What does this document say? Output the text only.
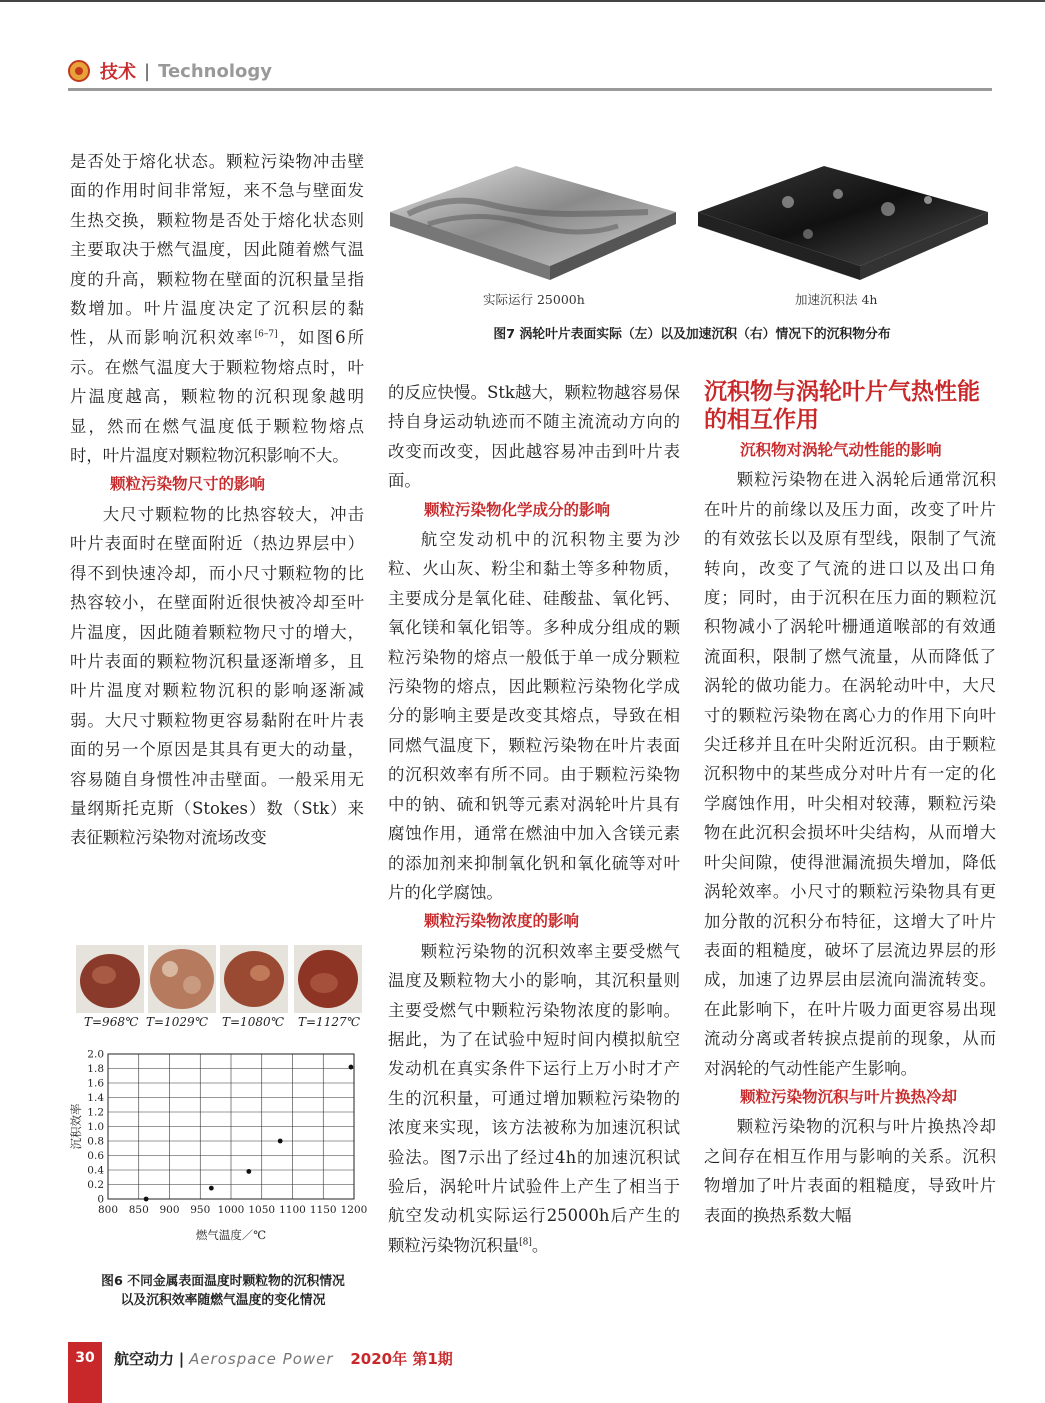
技术 | Technology

是否处于熔化状态。颗粒污染物冲击壁面的作用时间非常短，来不急与壁面发生热交换，颗粒物是否处于熔化状态则主要取决于燃气温度，因此随着燃气温度的升高，颗粒物在壁面的沉积量呈指数增加。叶片温度决定了沉积层的黏性，从而影响沉积效率[6–7]，如图6所示。在燃气温度大于颗粒物熔点时，叶片温度越高，颗粒物的沉积现象越明显，然而在燃气温度低于颗粒物熔点时，叶片温度对颗粒物沉积影响不大。

颗粒污染物尺寸的影响

大尺寸颗粒物的比热容较大，冲击叶片表面时在壁面附近（热边界层中）得不到快速冷却，而小尺寸颗粒物的比热容较小，在壁面附近很快被冷却至叶片温度，因此随着颗粒物尺寸的增大，叶片表面的颗粒物沉积量逐渐增多，且叶片温度对颗粒物沉积的影响逐渐减弱。大尺寸颗粒物更容易黏附在叶片表面的另一个原因是其具有更大的动量，容易随自身惯性冲击壁面。一般采用无量纲斯托克斯（Stokes）数（Stk）来表征颗粒污染物对流场改变

实际运行 25000h	加速沉积法 4h
图7 涡轮叶片表面实际（左）以及加速沉积（右）情况下的沉积物分布

的反应快慢。Stk越大，颗粒物越容易保持自身运动轨迹而不随主流流动方向的改变而改变，因此越容易冲击到叶片表面。

颗粒污染物化学成分的影响

航空发动机中的沉积物主要为沙粒、火山灰、粉尘和黏土等多种物质，主要成分是氧化硅、硅酸盐、氧化钙、氧化镁和氧化铝等。多种成分组成的颗粒污染物的熔点一般低于单一成分颗粒污染物的熔点，因此颗粒污染物化学成分的影响主要是改变其熔点，导致在相同燃气温度下，颗粒污染物在叶片表面的沉积效率有所不同。由于颗粒污染物中的钠、硫和钒等元素对涡轮叶片具有腐蚀作用，通常在燃油中加入含镁元素的添加剂来抑制氧化钒和氧化硫等对叶片的化学腐蚀。

颗粒污染物浓度的影响

颗粒污染物的沉积效率主要受燃气温度及颗粒物大小的影响，其沉积量则主要受燃气中颗粒污染物浓度的影响。据此，为了在试验中短时间内模拟航空发动机在真实条件下运行上万小时才产生的沉积量，可通过增加颗粒污染物的浓度来实现，该方法被称为加速沉积试验法。图7示出了经过4h的加速沉积试验后，涡轮叶片试验件上产生了相当于航空发动机实际运行25000h后产生的颗粒污染物沉积量[8]。

沉积物与涡轮叶片气热性能的相互作用

沉积物对涡轮气动性能的影响

颗粒污染物在进入涡轮后通常沉积在叶片的前缘以及压力面，改变了叶片的有效弦长以及原有型线，限制了气流转向，改变了气流的进口以及出口角度；同时，由于沉积在压力面的颗粒沉积物减小了涡轮叶栅通道喉部的有效通流面积，限制了燃气流量，从而降低了涡轮的做功能力。在涡轮动叶中，大尺寸的颗粒污染物在离心力的作用下向叶尖迁移并且在叶尖附近沉积。由于颗粒沉积物中的某些成分对叶片有一定的化学腐蚀作用，叶尖相对较薄，颗粒污染物在此沉积会损坏叶尖结构，从而增大叶尖间隙，使得泄漏流损失增加，降低涡轮效率。小尺寸的颗粒污染物具有更加分散的沉积分布特征，这增大了叶片表面的粗糙度，破坏了层流边界层的形成，加速了边界层由层流向湍流转变。在此影响下，在叶片吸力面更容易出现流动分离或者转捩点提前的现象，从而对涡轮的气动性能产生影响。

颗粒污染物沉积与叶片换热冷却

颗粒污染物的沉积与叶片换热冷却之间存在相互作用与影响的关系。沉积物增加了叶片表面的粗糙度，导致叶片表面的换热系数大幅

T=968℃ T=1029℃ T=1080℃ T=1127℃
800 850 900 950 1000 1050 1100 1150 1200
0
0.2
0.4
0.6
0.8
1.0
1.2
1.4
1.6
1.8
2.0
燃气温度／℃
沉积效率
图6 不同金属表面温度时颗粒物的沉积情况
以及沉积效率随燃气温度的变化情况
30	航空动力 | Aerospace Power 2020年 第1期
